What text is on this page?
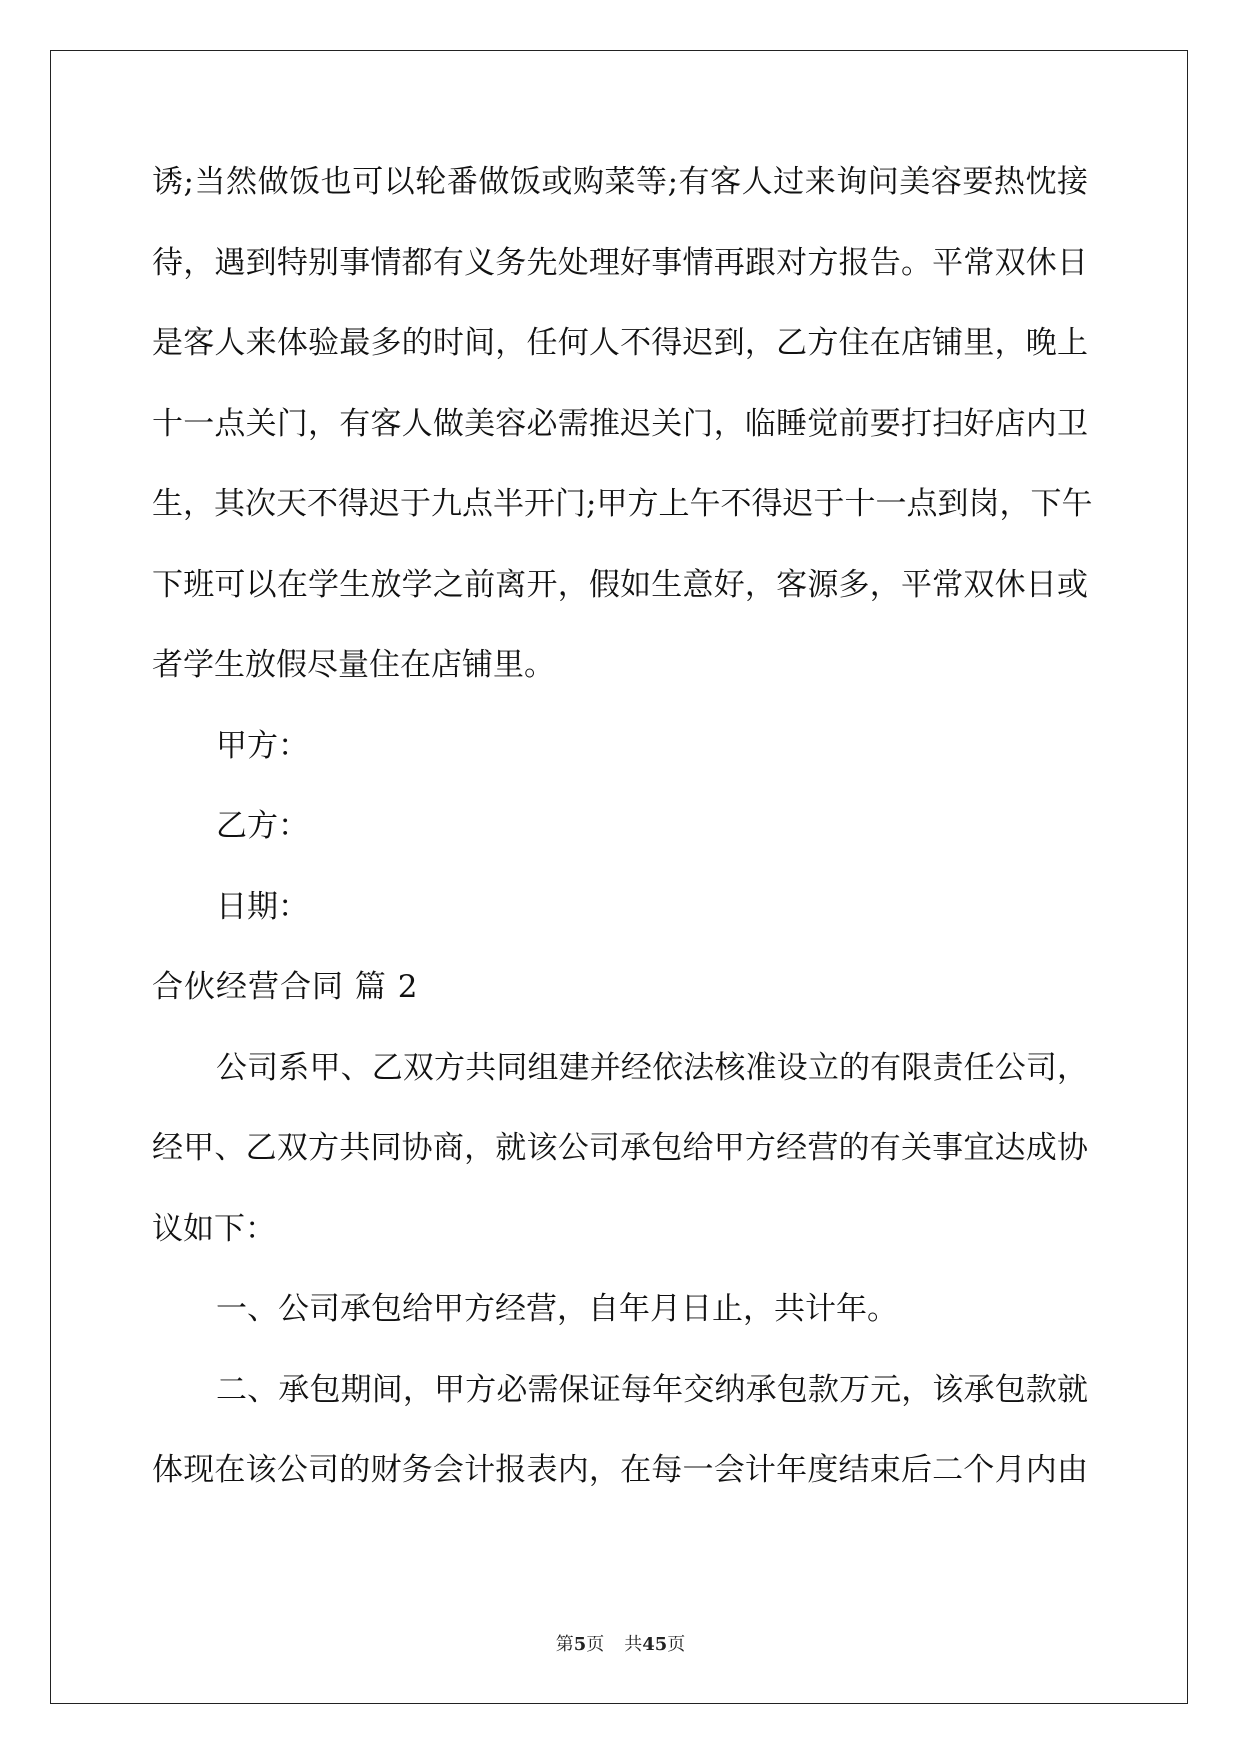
诱;当然做饭也可以轮番做饭或购菜等;有客人过来询问美容要热忱接
待，遇到特别事情都有义务先处理好事情再跟对方报告。平常双休日
是客人来体验最多的时间，任何人不得迟到，乙方住在店铺里，晚上
十一点关门，有客人做美容必需推迟关门，临睡觉前要打扫好店内卫
生，其次天不得迟于九点半开门;甲方上午不得迟于十一点到岗，下午
下班可以在学生放学之前离开，假如生意好，客源多，平常双休日或
者学生放假尽量住在店铺里。
甲方：
乙方：
日期：
合伙经营合同 篇 2
公司系甲、乙双方共同组建并经依法核准设立的有限责任公司，
经甲、乙双方共同协商，就该公司承包给甲方经营的有关事宜达成协
议如下：
一、公司承包给甲方经营，自年月日止，共计年。
二、承包期间，甲方必需保证每年交纳承包款万元，该承包款就
体现在该公司的财务会计报表内，在每一会计年度结束后二个月内由
第5页 共45页
